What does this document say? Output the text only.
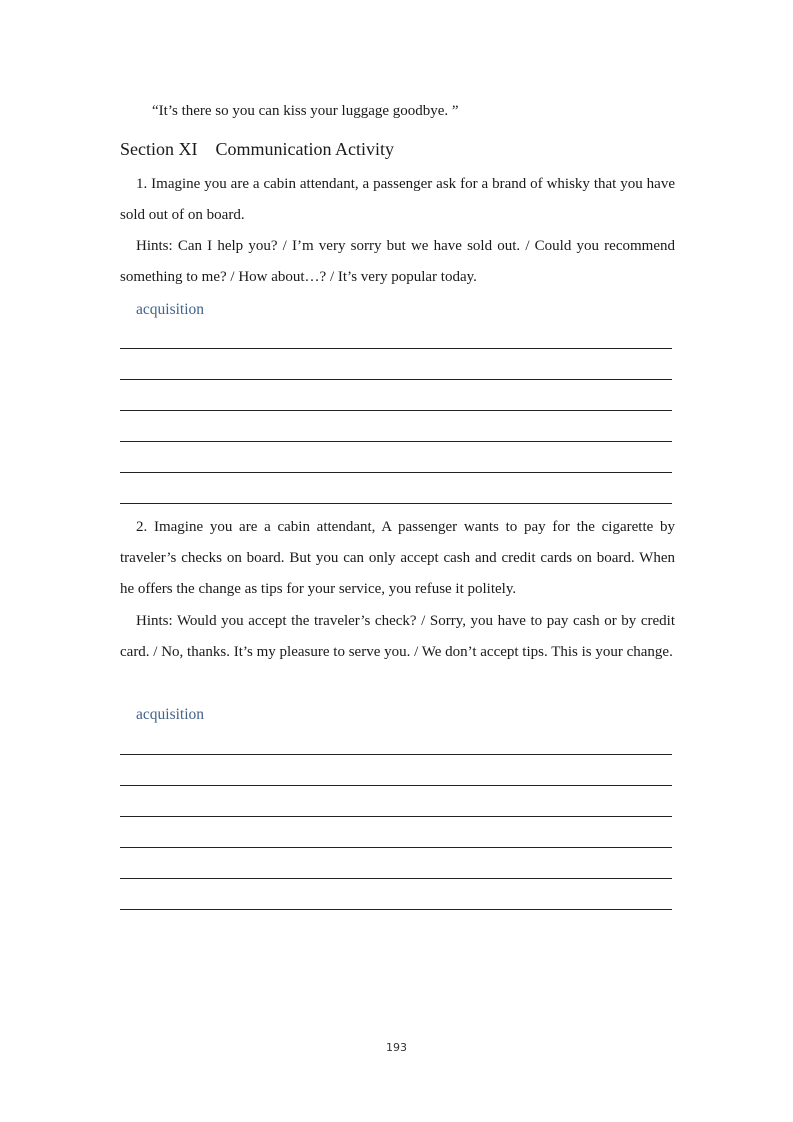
“It’s there so you can kiss your luggage goodbye. ”
Section XI Communication Activity

1. Imagine you are a cabin attendant, a passenger ask for a brand of whisky that you have sold out of on board.

Hints: Can I help you? / I’m very sorry but we have sold out. / Could you recommend something to me? / How about…? / It’s very popular today.

acquisition

2. Imagine you are a cabin attendant, A passenger wants to pay for the cigarette by traveler’s checks on board. But you can only accept cash and credit cards on board. When he offers the change as tips for your service, you refuse it politely.

Hints: Would you accept the traveler’s check? / Sorry, you have to pay cash or by credit card. / No, thanks. It’s my pleasure to serve you. / We don’t accept tips. This is your change.

acquisition
193
